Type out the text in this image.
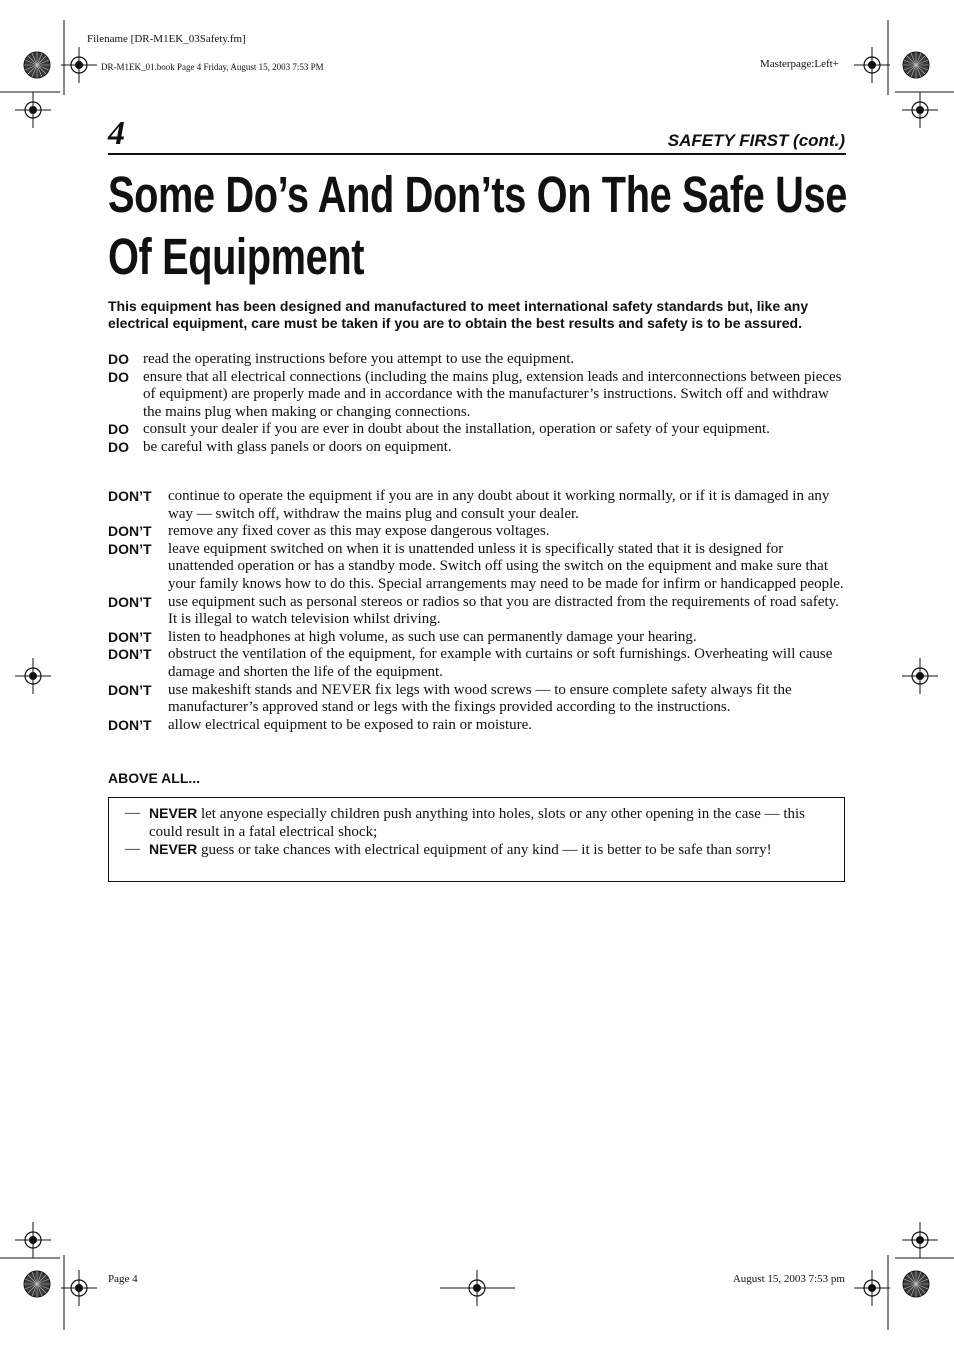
Filename [DR-M1EK_03Safety.fm]
DR-M1EK_01.book Page 4 Friday, August 15, 2003 7:53 PM	Masterpage:Left+
4	SAFETY FIRST (cont.)
Some Do’s And Don’ts On The Safe Use Of Equipment
This equipment has been designed and manufactured to meet international safety standards but, like any electrical equipment, care must be taken if you are to obtain the best results and safety is to be assured.
DO read the operating instructions before you attempt to use the equipment.
DO ensure that all electrical connections (including the mains plug, extension leads and interconnections between pieces of equipment) are properly made and in accordance with the manufacturer’s instructions. Switch off and withdraw the mains plug when making or changing connections.
DO consult your dealer if you are ever in doubt about the installation, operation or safety of your equipment.
DO be careful with glass panels or doors on equipment.
DON’T	continue to operate the equipment if you are in any doubt about it working normally, or if it is damaged in any way — switch off, withdraw the mains plug and consult your dealer.
DON’T	remove any fixed cover as this may expose dangerous voltages.
DON’T	leave equipment switched on when it is unattended unless it is specifically stated that it is designed for unattended operation or has a standby mode. Switch off using the switch on the equipment and make sure that your family knows how to do this. Special arrangements may need to be made for infirm or handicapped people.
DON’T	use equipment such as personal stereos or radios so that you are distracted from the requirements of road safety. It is illegal to watch television whilst driving.
DON’T	listen to headphones at high volume, as such use can permanently damage your hearing.
DON’T	obstruct the ventilation of the equipment, for example with curtains or soft furnishings. Overheating will cause damage and shorten the life of the equipment.
DON’T	use makeshift stands and NEVER fix legs with wood screws — to ensure complete safety always fit the manufacturer’s approved stand or legs with the fixings provided according to the instructions.
DON’T	allow electrical equipment to be exposed to rain or moisture.
ABOVE ALL...
— NEVER let anyone especially children push anything into holes, slots or any other opening in the case — this could result in a fatal electrical shock;
— NEVER guess or take chances with electrical equipment of any kind — it is better to be safe than sorry!
Page 4	August 15, 2003 7:53 pm
